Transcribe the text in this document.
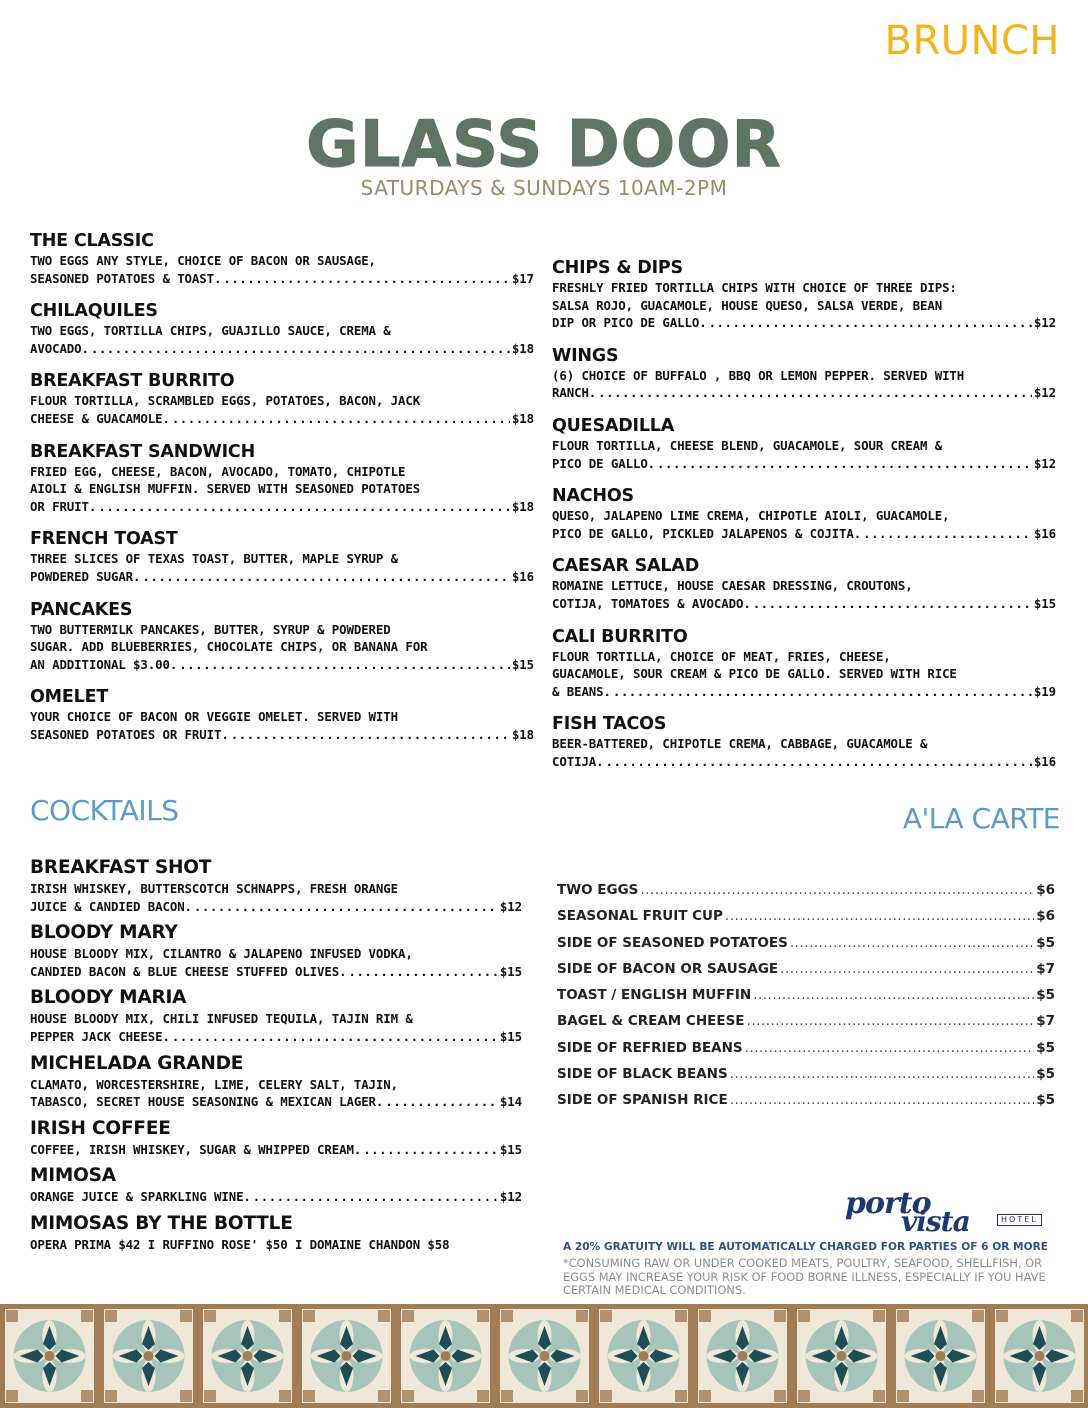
BRUNCH
GLASS DOOR
SATURDAYS & SUNDAYS 10AM-2PM
THE CLASSIC
TWO EGGS ANY STYLE, CHOICE OF BACON OR SAUSAGE,
SEASONED POTATOES & TOAST. .....	$17
CHILAQUILES
TWO EGGS, TORTILLA CHIPS, GUAJILLO SAUCE, CREMA &
AVOCADO. .....	$18
BREAKFAST BURRITO
FLOUR TORTILLA, SCRAMBLED EGGS, POTATOES, BACON, JACK
CHEESE & GUACAMOLE. .....	$18
BREAKFAST SANDWICH
FRIED EGG, CHEESE, BACON, AVOCADO, TOMATO, CHIPOTLE
AIOLI & ENGLISH MUFFIN. SERVED WITH SEASONED POTATOES
OR FRUIT. .....	$18
FRENCH TOAST
THREE SLICES OF TEXAS TOAST, BUTTER, MAPLE SYRUP &
POWDERED SUGAR. .....	$16
PANCAKES
TWO BUTTERMILK PANCAKES, BUTTER, SYRUP & POWDERED
SUGAR. ADD BLUEBERRIES, CHOCOLATE CHIPS, OR BANANA FOR
AN ADDITIONAL $3.00. .....	$15
OMELET
YOUR CHOICE OF BACON OR VEGGIE OMELET. SERVED WITH
SEASONED POTATOES OR FRUIT. .....	$18
CHIPS & DIPS
FRESHLY FRIED TORTILLA CHIPS WITH CHOICE OF THREE DIPS:
SALSA ROJO, GUACAMOLE, HOUSE QUESO, SALSA VERDE, BEAN
DIP OR PICO DE GALLO. .....	$12
WINGS
(6) CHOICE OF BUFFALO , BBQ OR LEMON PEPPER. SERVED WITH
RANCH. .....	$12
QUESADILLA
FLOUR TORTILLA, CHEESE BLEND, GUACAMOLE, SOUR CREAM &
PICO DE GALLO. .....	$12
NACHOS
QUESO, JALAPENO LIME CREMA, CHIPOTLE AIOLI, GUACAMOLE,
PICO DE GALLO, PICKLED JALAPENOS & COJITA. .....	$16
CAESAR SALAD
ROMAINE LETTUCE, HOUSE CAESAR DRESSING, CROUTONS,
COTIJA, TOMATOES & AVOCADO. .....	$15
CALI BURRITO
FLOUR TORTILLA, CHOICE OF MEAT, FRIES, CHEESE,
GUACAMOLE, SOUR CREAM & PICO DE GALLO. SERVED WITH RICE
& BEANS. .....	$19
FISH TACOS
BEER-BATTERED, CHIPOTLE CREMA, CABBAGE, GUACAMOLE &
COTIJA. .....	$16
COCKTAILS	A'LA CARTE
BREAKFAST SHOT
IRISH WHISKEY, BUTTERSCOTCH SCHNAPPS, FRESH ORANGE
JUICE & CANDIED BACON. .....	$12
BLOODY MARY
HOUSE BLOODY MIX, CILANTRO & JALAPENO INFUSED VODKA,
CANDIED BACON & BLUE CHEESE STUFFED OLIVES. .....	$15
BLOODY MARIA
HOUSE BLOODY MIX, CHILI INFUSED TEQUILA, TAJIN RIM &
PEPPER JACK CHEESE. .....	$15
MICHELADA GRANDE
CLAMATO, WORCESTERSHIRE, LIME, CELERY SALT, TAJIN,
TABASCO, SECRET HOUSE SEASONING & MEXICAN LAGER. .....	$14
IRISH COFFEE
COFFEE, IRISH WHISKEY, SUGAR & WHIPPED CREAM. .....	$15
MIMOSA
ORANGE JUICE & SPARKLING WINE. .....	$12
MIMOSAS BY THE BOTTLE
OPERA PRIMA $42 I RUFFINO ROSE' $50 I DOMAINE CHANDON $58
TWO EGGS .....	$6
SEASONAL FRUIT CUP .....	$6
SIDE OF SEASONED POTATOES .....	$5
SIDE OF BACON OR SAUSAGE .....	$7
TOAST / ENGLISH MUFFIN .....	$5
BAGEL & CREAM CHEESE .....	$7
SIDE OF REFRIED BEANS .....	$5
SIDE OF BLACK BEANS .....	$5
SIDE OF SPANISH RICE .....	$5
porto
vista	HOTEL
A 20% GRATUITY WILL BE AUTOMATICALLY CHARGED FOR PARTIES OF 6 OR MORE
*CONSUMING RAW OR UNDER COOKED MEATS, POULTRY, SEAFOOD, SHELLFISH, OR EGGS MAY INCREASE YOUR RISK OF FOOD BORNE ILLNESS, ESPECIALLY IF YOU HAVE CERTAIN MEDICAL CONDITIONS.
